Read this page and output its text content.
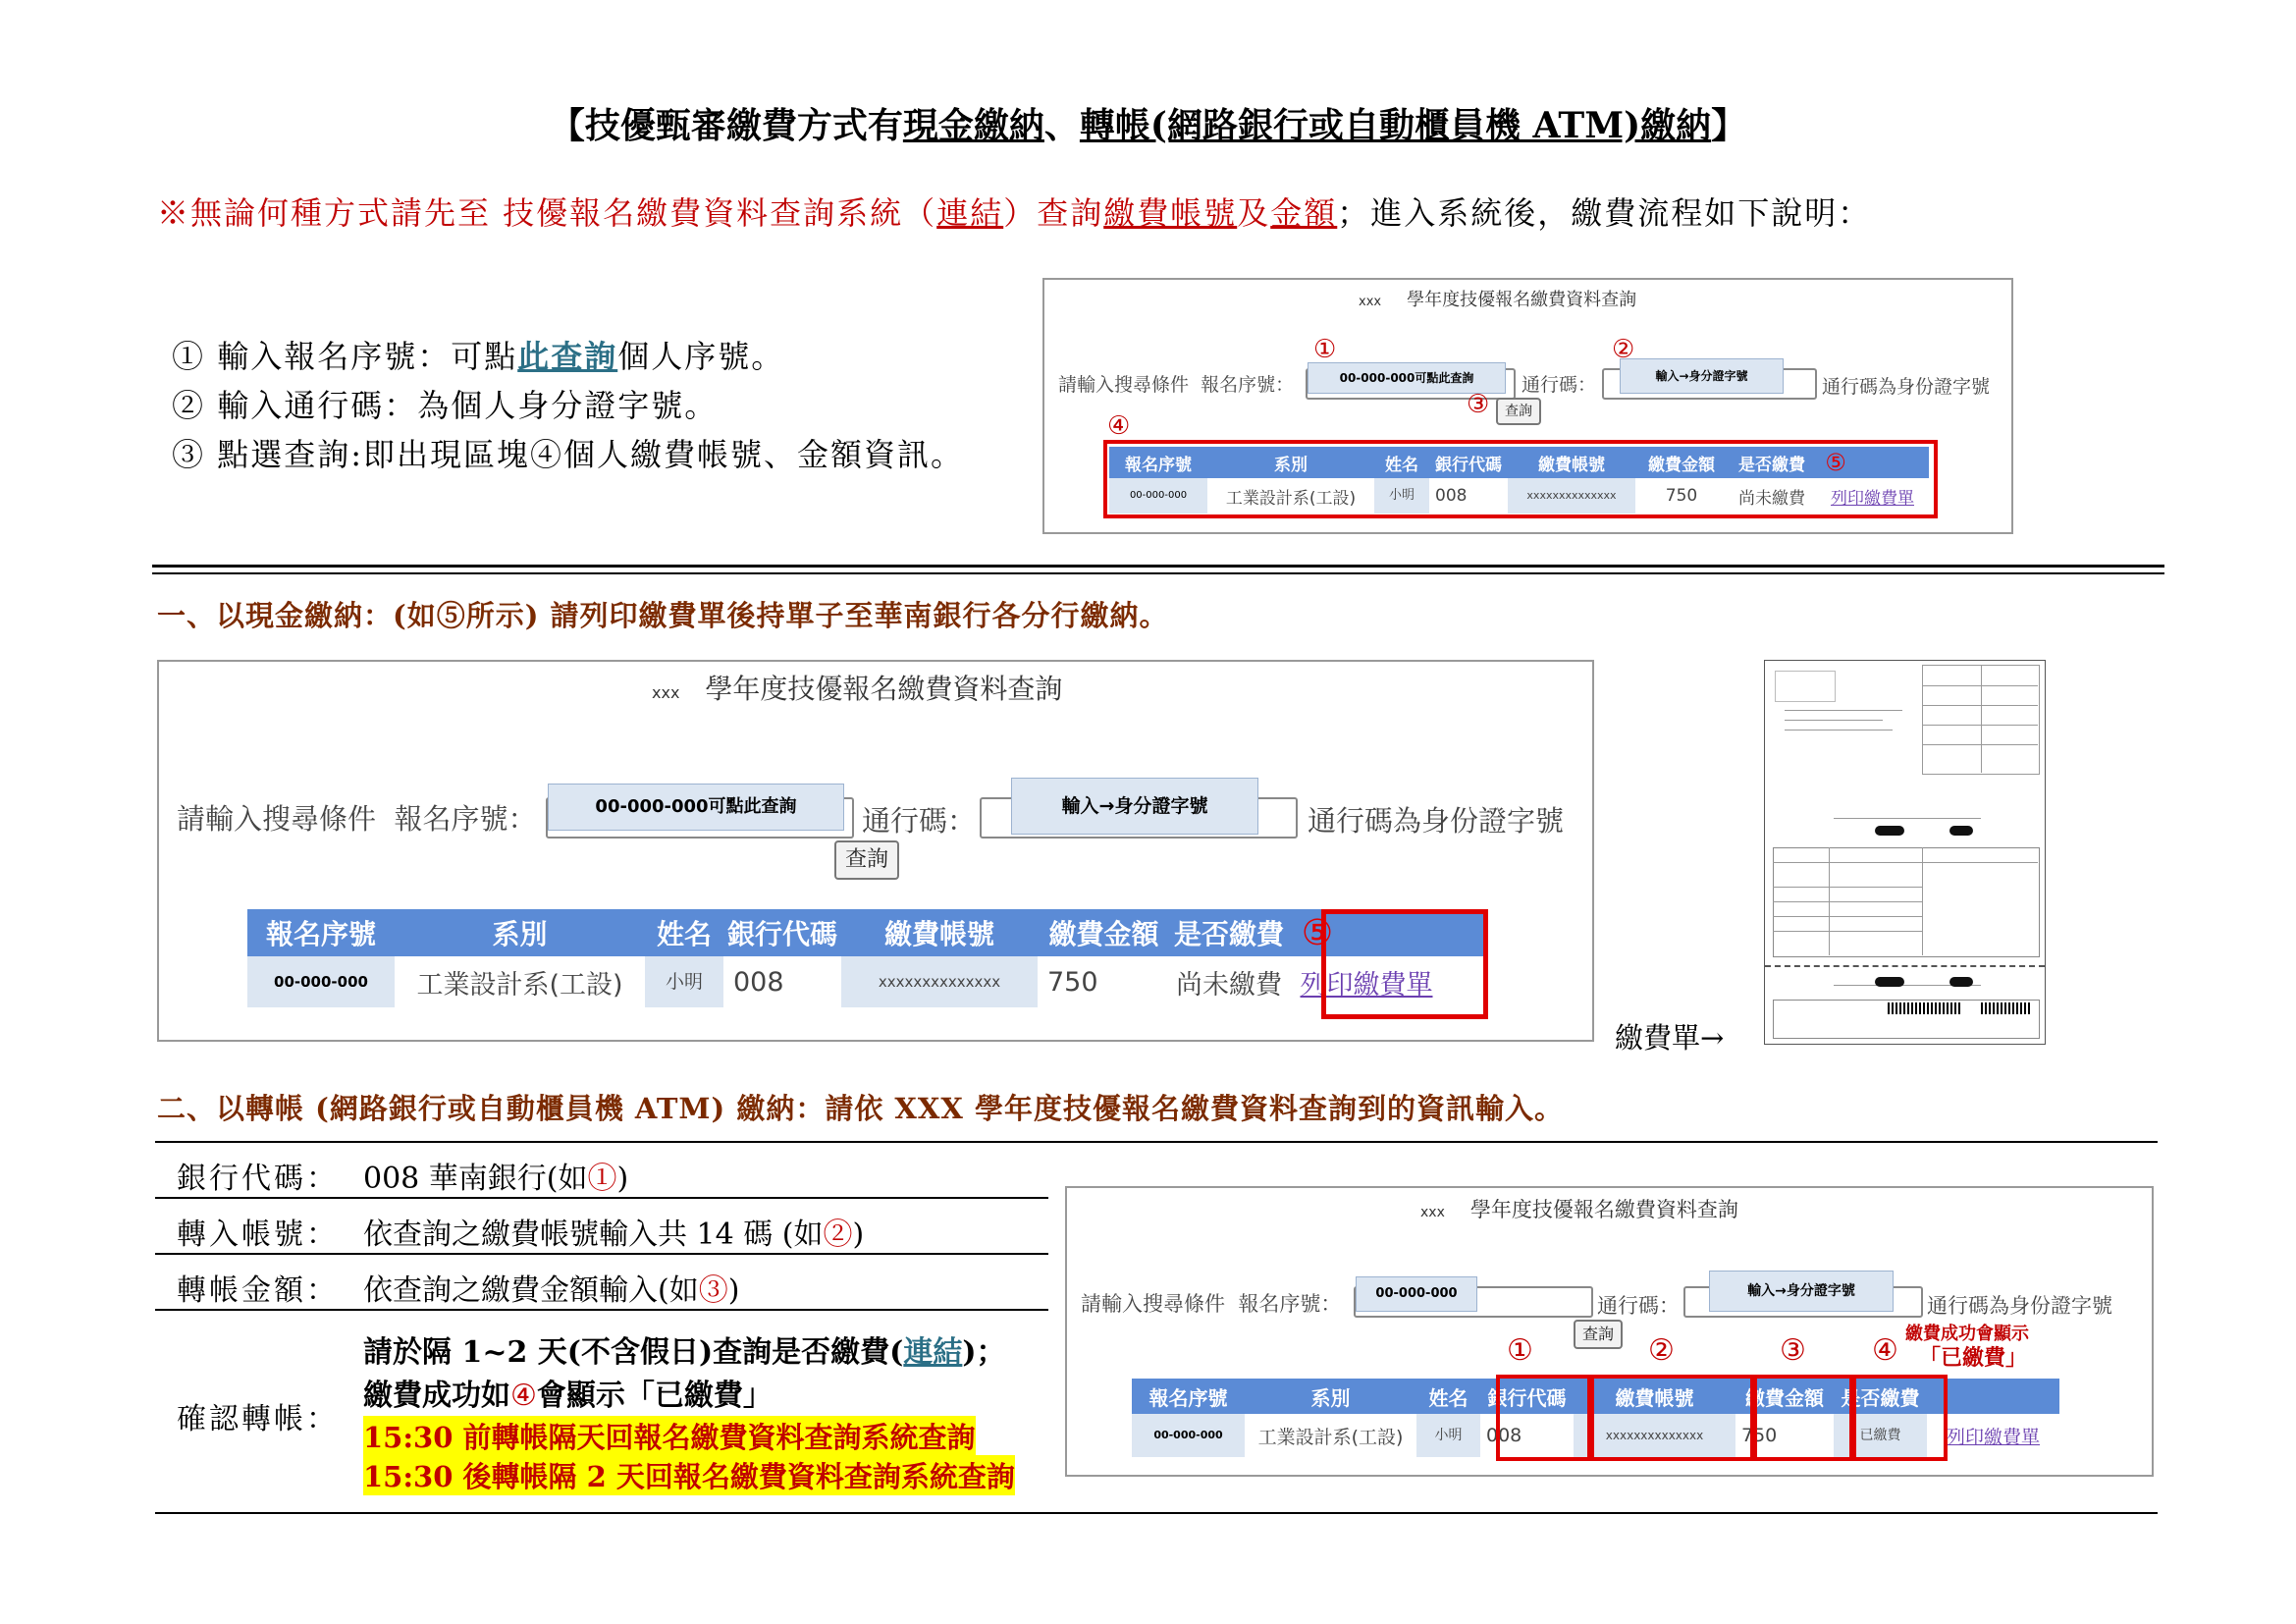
【技優甄審繳費方式有現金繳納、轉帳(網路銀行或自動櫃員機 ATM)繳納】
※無論何種方式請先至 技優報名繳費資料查詢系統（連結）查詢繳費帳號及金額；進入系統後，繳費流程如下說明：
① 輸入報名序號：可點此查詢個人序號。
② 輸入通行碼：為個人身分證字號。
③ 點選查詢:即出現區塊④個人繳費帳號、金額資訊。
xxx 學年度技優報名繳費資料查詢
請輸入搜尋條件 報名序號：	00-000-000可點此查詢	通行碼：	輸入→身分證字號	通行碼為身份證字號
查詢
①	②
③
④
報名序號	系別	姓名	銀行代碼	繳費帳號	繳費金額	是否繳費 ⑤
00-000-000	工業設計系(工設)	小明	008	xxxxxxxxxxxxxx	750	尚未繳費	列印繳費單
一、以現金繳納：(如⑤所示) 請列印繳費單後持單子至華南銀行各分行繳納。
xxx 學年度技優報名繳費資料查詢
請輸入搜尋條件 報名序號：	00-000-000可點此查詢	通行碼：	輸入→身分證字號	通行碼為身份證字號
查詢
報名序號	系別	姓名 銀行代碼	繳費帳號	繳費金額 是否繳費 ⑤
00-000-000	工業設計系(工設)	小明	008	xxxxxxxxxxxxxx	750	尚未繳費 列印繳費單
繳費單→
二、以轉帳 (網路銀行或自動櫃員機 ATM) 繳納：請依 XXX 學年度技優報名繳費資料查詢到的資訊輸入。
銀行代碼： 008 華南銀行(如①)
轉入帳號： 依查詢之繳費帳號輸入共 14 碼 (如②)
轉帳金額： 依查詢之繳費金額輸入(如③)
確認轉帳：
請於隔 1~2 天(不含假日)查詢是否繳費(連結)；
繳費成功如④會顯示「已繳費」
15:30 前轉帳隔天回報名繳費資料查詢系統查詢
15:30 後轉帳隔 2 天回報名繳費資料查詢系統查詢
xxx 學年度技優報名繳費資料查詢
請輸入搜尋條件 報名序號：	00-000-000
通行碼：
輸入→身分證字號
通行碼為身份證字號
查詢
①	②	③ ④ 繳費成功會顯示
「已繳費」
報名序號	系別	姓名	銀行代碼	繳費帳號	繳費金額 是否繳費
00-000-000	工業設計系(工設)	小明	008	xxxxxxxxxxxxxx	750	已繳費	列印繳費單
